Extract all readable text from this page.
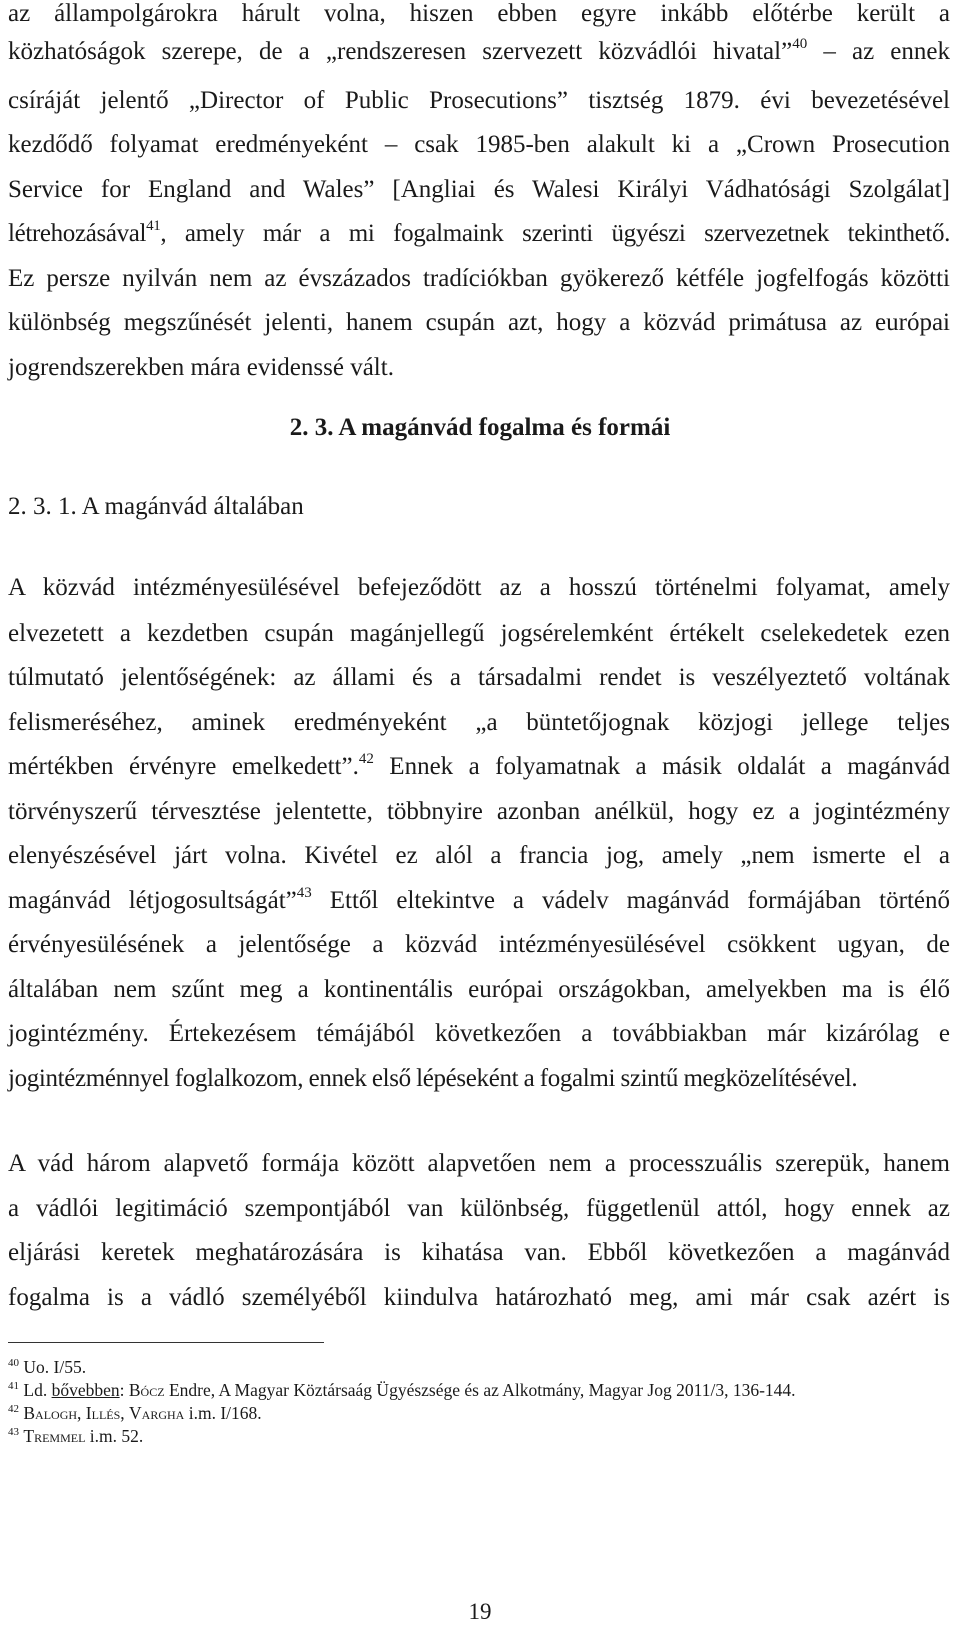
az állampolgárokra hárult volna, hiszen ebben egyre inkább előtérbe került a

közhatóságok szerepe, de a „rendszeresen szervezett közvádlói hivatal”$^{40}$ – az ennek

csíráját jelentő „Director of Public Prosecutions” tisztség 1879. évi bevezetésével

kezdődő folyamat eredményeként – csak 1985-ben alakult ki a „Crown Prosecution

Service for England and Wales” [Angliai és Walesi Királyi Vádhatósági Szolgálat]

létrehozásával$^{41}$, amely már a mi fogalmaink szerinti ügyészi szervezetnek tekinthető.

Ez persze nyilván nem az évszázados tradíciókban gyökerező kétféle jogfelfogás közötti

különbség megszűnését jelenti, hanem csupán azt, hogy a közvád primátusa az európai

jogrendszerekben mára evidenssé vált.

2. 3. A magánvád fogalma és formái
2. 3. 1. A magánvád általában

A közvád intézményesülésével befejeződött az a hosszú történelmi folyamat, amely

elvezetett a kezdetben csupán magánjellegű jogsérelemként értékelt cselekedetek ezen

túlmutató jelentőségének: az állami és a társadalmi rendet is veszélyeztető voltának

felismeréséhez, aminek eredményeként „a büntetőjognak közjogi jellege teljes

mértékben érvényre emelkedett”.$^{42}$ Ennek a folyamatnak a másik oldalát a magánvád

törvényszerű térvesztése jelentette, többnyire azonban anélkül, hogy ez a jogintézmény

elenyészésével járt volna. Kivétel ez alól a francia jog, amely „nem ismerte el a

magánvád létjogosultságát”$^{43}$ Ettől eltekintve a vádelv magánvád formájában történő

érvényesülésének a jelentősége a közvád intézményesülésével csökkent ugyan, de

általában nem szűnt meg a kontinentális európai országokban, amelyekben ma is élő

jogintézmény. Értekezésem témájából következően a továbbiakban már kizárólag e

jogintézménnyel foglalkozom, ennek első lépéseként a fogalmi szintű megközelítésével.

A vád három alapvető formája között alapvetően nem a processzuális szerepük, hanem

a vádlói legitimáció szempontjából van különbség, függetlenül attól, hogy ennek az

eljárási keretek meghatározására is kihatása van. Ebből következően a magánvád

fogalma is a vádló személyéből kiindulva határozható meg, ami már csak azért is

$^{40}$ Uo. I/55.
$^{41}$ Ld. bővebben: Bócz Endre, A Magyar Köztársaág Ügyészsége és az Alkotmány, Magyar Jog 2011/3, 136-144.
$^{42}$ Balogh, Illés, Vargha i.m. I/168.
$^{43}$ Tremmel i.m. 52.
19
